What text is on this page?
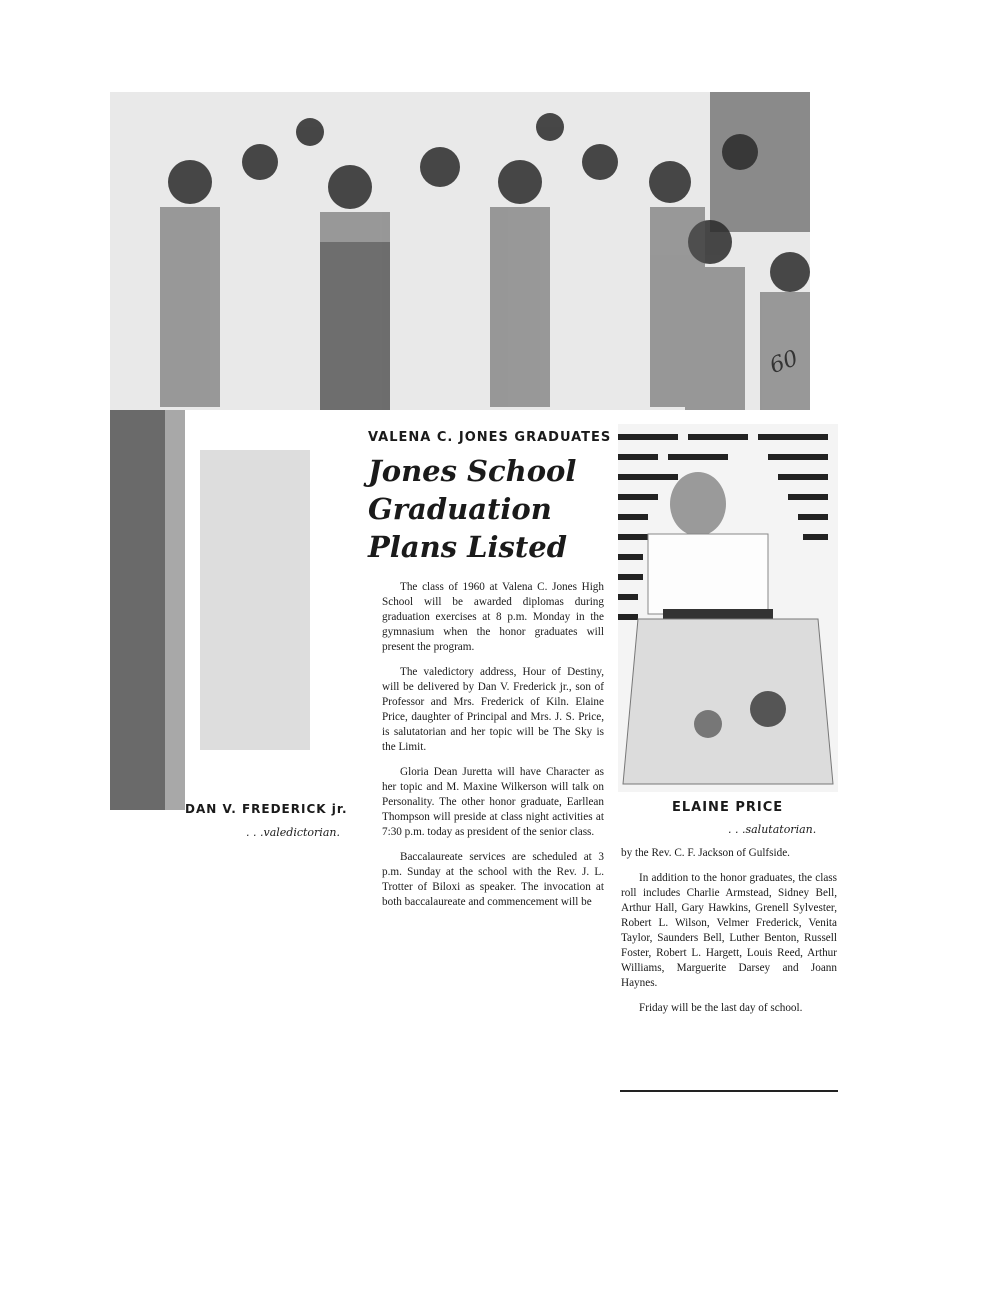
DAN V. FREDERICK jr.
. . .valedictorian.
VALENA C. JONES GRADUATES
Jones School
Graduation
Plans Listed

The class of 1960 at Valena C. Jones High School will be awarded diplomas during graduation exercises at 8 p.m. Monday in the gymnasium when the honor graduates will present the program.

The valedictory address, Hour of Destiny, will be delivered by Dan V. Frederick jr., son of Professor and Mrs. Frederick of Kiln. Elaine Price, daughter of Principal and Mrs. J. S. Price, is salutatorian and her topic will be The Sky is the Limit.

Gloria Dean Juretta will have Character as her topic and M. Maxine Wilkerson will talk on Personality. The other honor graduate, Earllean Thompson will preside at class night activities at 7:30 p.m. today as president of the senior class.

Baccalaureate services are scheduled at 3 p.m. Sunday at the school with the Rev. J. L. Trotter of Biloxi as speaker. The invocation at both baccalaureate and commencement will be

ELAINE PRICE
. . .salutatorian.

by the Rev. C. F. Jackson of Gulfside.

In addition to the honor graduates, the class roll includes Charlie Armstead, Sidney Bell, Arthur Hall, Gary Hawkins, Grenell Sylvester, Robert L. Wilson, Velmer Frederick, Venita Taylor, Saunders Bell, Luther Benton, Russell Foster, Robert L. Hargett, Louis Reed, Arthur Williams, Marguerite Darsey and Joann Haynes.

Friday will be the last day of school.

60
